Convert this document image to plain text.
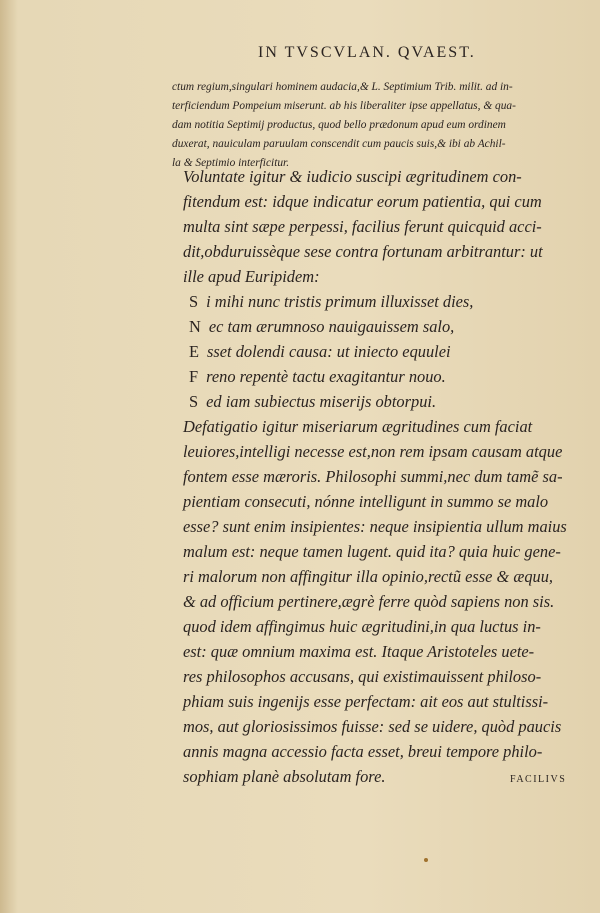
IN TVSCVLAN. QVAEST.

ctum regium,singulari hominem audacia,& L. Septimium Trib. milit. ad in-

terficiendum Pompeium miserunt. ab his liberaliter ipse appellatus, & qua-

dam notitia Septimij productus, quod bello prædonum apud eum ordinem

duxerat, nauiculam paruulam conscendit cum paucis suis,& ibi ab Achil-

la & Septimio interficitur.

Voluntate igitur & iudicio suscipi ægritudinem con-

fitendum est: idque indicatur eorum patientia, qui cum

multa sint sæpe perpessi, facilius ferunt quicquid acci-

dit,obduruissèque sese contra fortunam arbitrantur: ut

ille apud Euripidem:

S i mihi nunc tristis primum illuxisset dies,

N ec tam ærumnoso nauigauissem salo,

E sset dolendi causa: ut iniecto equulei

F reno repentè tactu exagitantur nouo.

S ed iam subiectus miserijs obtorpui.

Defatigatio igitur miseriarum ægritudines cum faciat

leuiores,intelligi necesse est,non rem ipsam causam atque

fontem esse mæroris. Philosophi summi,nec dum tamẽ sa-

pientiam consecuti, nónne intelligunt in summo se malo

esse? sunt enim insipientes: neque insipientia ullum maius

malum est: neque tamen lugent. quid ita? quia huic gene-

ri malorum non affingitur illa opinio,rectũ esse & æquu,

& ad officium pertinere,ægrè ferre quòd sapiens non sis.

quod idem affingimus huic ægritudini,in qua luctus in-

est: quæ omnium maxima est. Itaque Aristoteles uete-

res philosophos accusans, qui existimauissent philoso-

phiam suis ingenijs esse perfectam: ait eos aut stultissi-

mos, aut gloriosissimos fuisse: sed se uidere, quòd paucis

annis magna accessio facta esset, breui tempore philo-

sophiam planè absolutam fore.	FACILIVS
